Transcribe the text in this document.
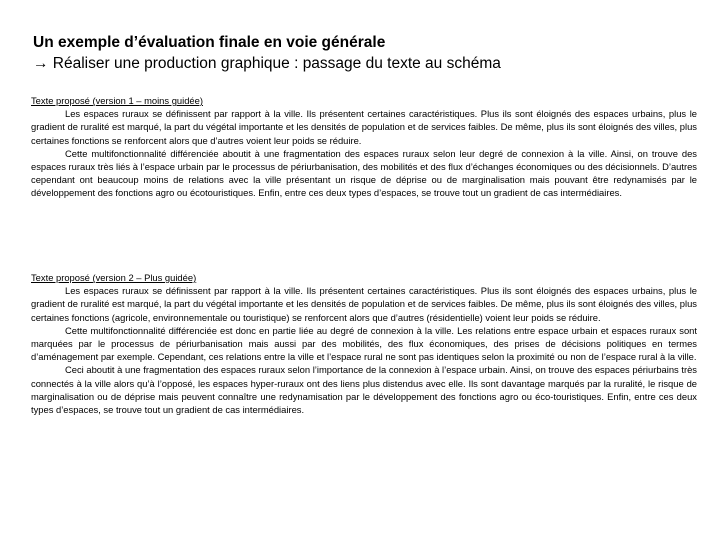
Un exemple d’évaluation finale en voie générale
→ Réaliser une production graphique : passage du texte au schéma
Texte proposé (version 1 – moins guidée)

Les espaces ruraux se définissent par rapport à la ville. Ils présentent certaines caractéristiques. Plus ils sont éloignés des espaces urbains, plus le gradient de ruralité est marqué, la part du végétal importante et les densités de population et de services faibles. De même, plus ils sont éloignés des villes, plus certaines fonctions se renforcent alors que d’autres voient leur poids se réduire.

Cette multifonctionnalité différenciée aboutit à une fragmentation des espaces ruraux selon leur degré de connexion à la ville. Ainsi, on trouve des espaces ruraux très liés à l’espace urbain par le processus de périurbanisation, des mobilités et des flux d’échanges économiques ou des décisionnels. D’autres cependant ont beaucoup moins de relations avec la ville présentant un risque de déprise ou de marginalisation mais pouvant être redynamisés par le développement des fonctions agro ou écotouristiques. Enfin, entre ces deux types d’espaces, se trouve tout un gradient de cas intermédiaires.

Texte proposé (version 2 – Plus guidée)

Les espaces ruraux se définissent par rapport à la ville. Ils présentent certaines caractéristiques. Plus ils sont éloignés des espaces urbains, plus le gradient de ruralité est marqué, la part du végétal importante et les densités de population et de services faibles. De même, plus ils sont éloignés des villes, plus certaines fonctions (agricole, environnementale ou touristique) se renforcent alors que d’autres (résidentielle) voient leur poids se réduire.

Cette multifonctionnalité différenciée est donc en partie liée au degré de connexion à la ville. Les relations entre espace urbain et espaces ruraux sont marquées par le processus de périurbanisation mais aussi par des mobilités, des flux économiques, des prises de décisions politiques en termes d’aménagement par exemple. Cependant, ces relations entre la ville et l’espace rural ne sont pas identiques selon la proximité ou non de l’espace rural à la ville.

Ceci aboutit à une fragmentation des espaces ruraux selon l’importance de la connexion à l’espace urbain. Ainsi, on trouve des espaces périurbains très connectés à la ville alors qu’à l’opposé, les espaces hyper-ruraux ont des liens plus distendus avec elle. Ils sont davantage marqués par la ruralité, le risque de marginalisation ou de déprise mais peuvent connaître une redynamisation par le développement des fonctions agro ou éco-touristiques. Enfin, entre ces deux types d’espaces, se trouve tout un gradient de cas intermédiaires.
